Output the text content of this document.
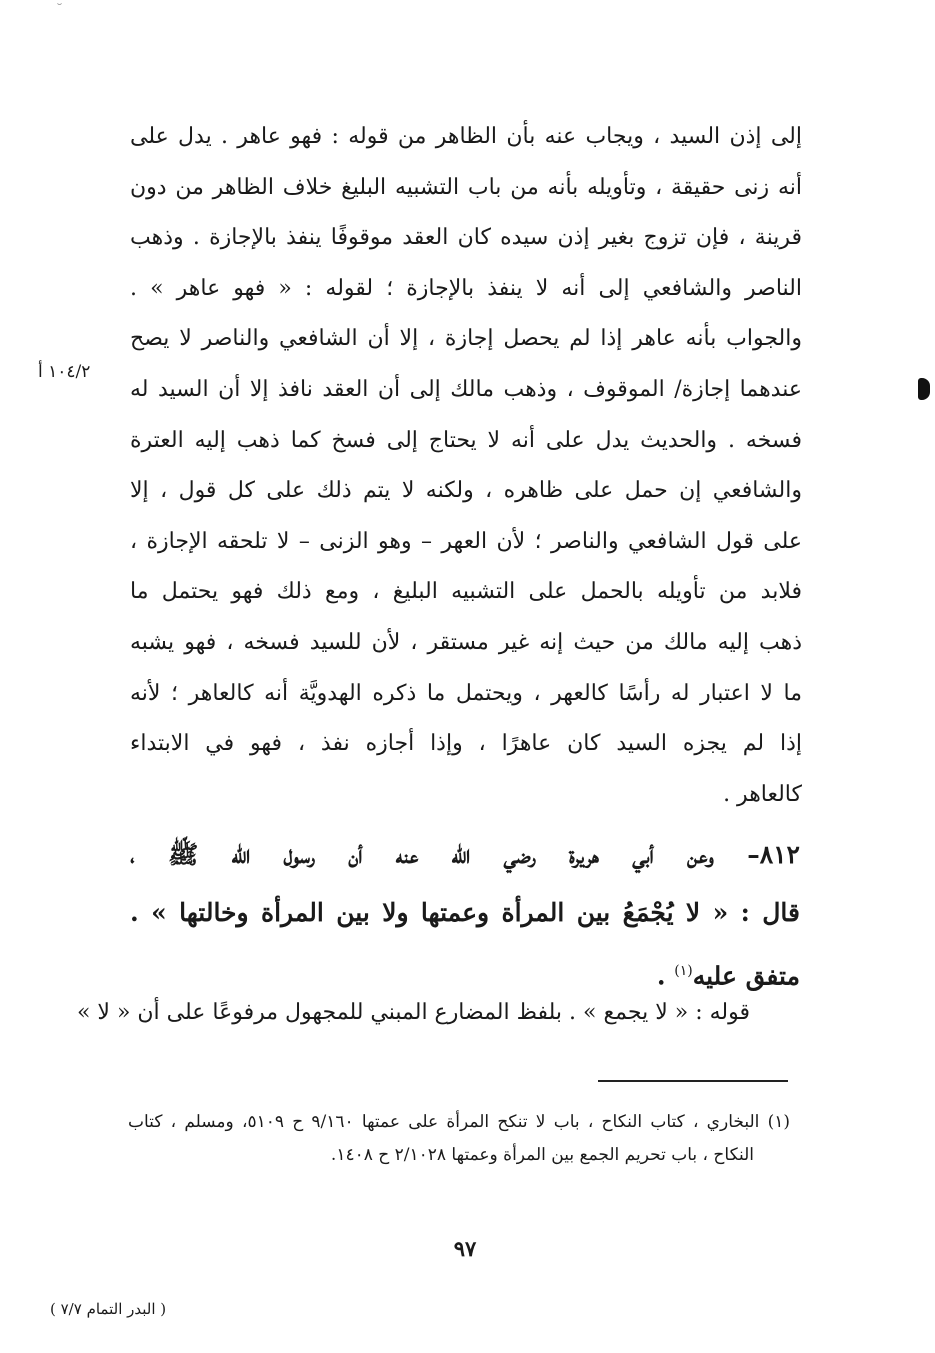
˘
إلى إذن السيد ، ويجاب عنه بأن الظاهر من قوله : فهو عاهر . يدل على
أنه زنى حقيقة ، وتأويله بأنه من باب التشبيه البليغ خلاف الظاهر من دون
قرينة ، فإن تزوج بغير إذن سيده كان العقد موقوفًا ينفذ بالإجازة . وذهب
الناصر والشافعي إلى أنه لا ينفذ بالإجازة ؛ لقوله : « فهو عاهر » .
والجواب بأنه عاهر إذا لم يحصل إجازة ، إلا أن الشافعي والناصر لا يصح
عندهما إجازة/ الموقوف ، وذهب مالك إلى أن العقد نافذ إلا أن السيد له
فسخه . والحديث يدل على أنه لا يحتاج إلى فسخ كما ذهب إليه العترة
والشافعي إن حمل على ظاهره ، ولكنه لا يتم ذلك على كل قول ، إلا
على قول الشافعي والناصر ؛ لأن العهر – وهو الزنى – لا تلحقه الإجازة ،
فلابد من تأويله بالحمل على التشبيه البليغ ، ومع ذلك فهو يحتمل ما
ذهب إليه مالك من حيث إنه غير مستقر ، لأن للسيد فسخه ، فهو يشبه
ما لا اعتبار له رأسًا كالعهر ، ويحتمل ما ذكره الهدويَّة أنه كالعاهر ؛ لأنه
إذا لم يجزه السيد كان عاهرًا ، وإذا أجازه نفذ ، فهو في الابتداء
كالعاهر .
١٠٤/٢ أ
٨١٢– وعن أبي هريرة رضي الله عنه أن رسول الله ﷺ ،
قال : « لا يُجْمَعُ بين المرأة وعمتها ولا بين المرأة وخالتها » .
متفق عليه$^{(١)}$ .
قوله : « لا يجمع » . بلفظ المضارع المبني للمجهول مرفوعًا على أن « لا »
(١) البخاري ، كتاب النكاح ، باب لا تنكح المرأة على عمتها ٩/١٦٠ ح ٥١٠٩، ومسلم ، كتاب
النكاح ، باب تحريم الجمع بين المرأة وعمتها ٢/١٠٢٨ ح ١٤٠٨.
٩٧
( البدر التمام ٧/٧ )
